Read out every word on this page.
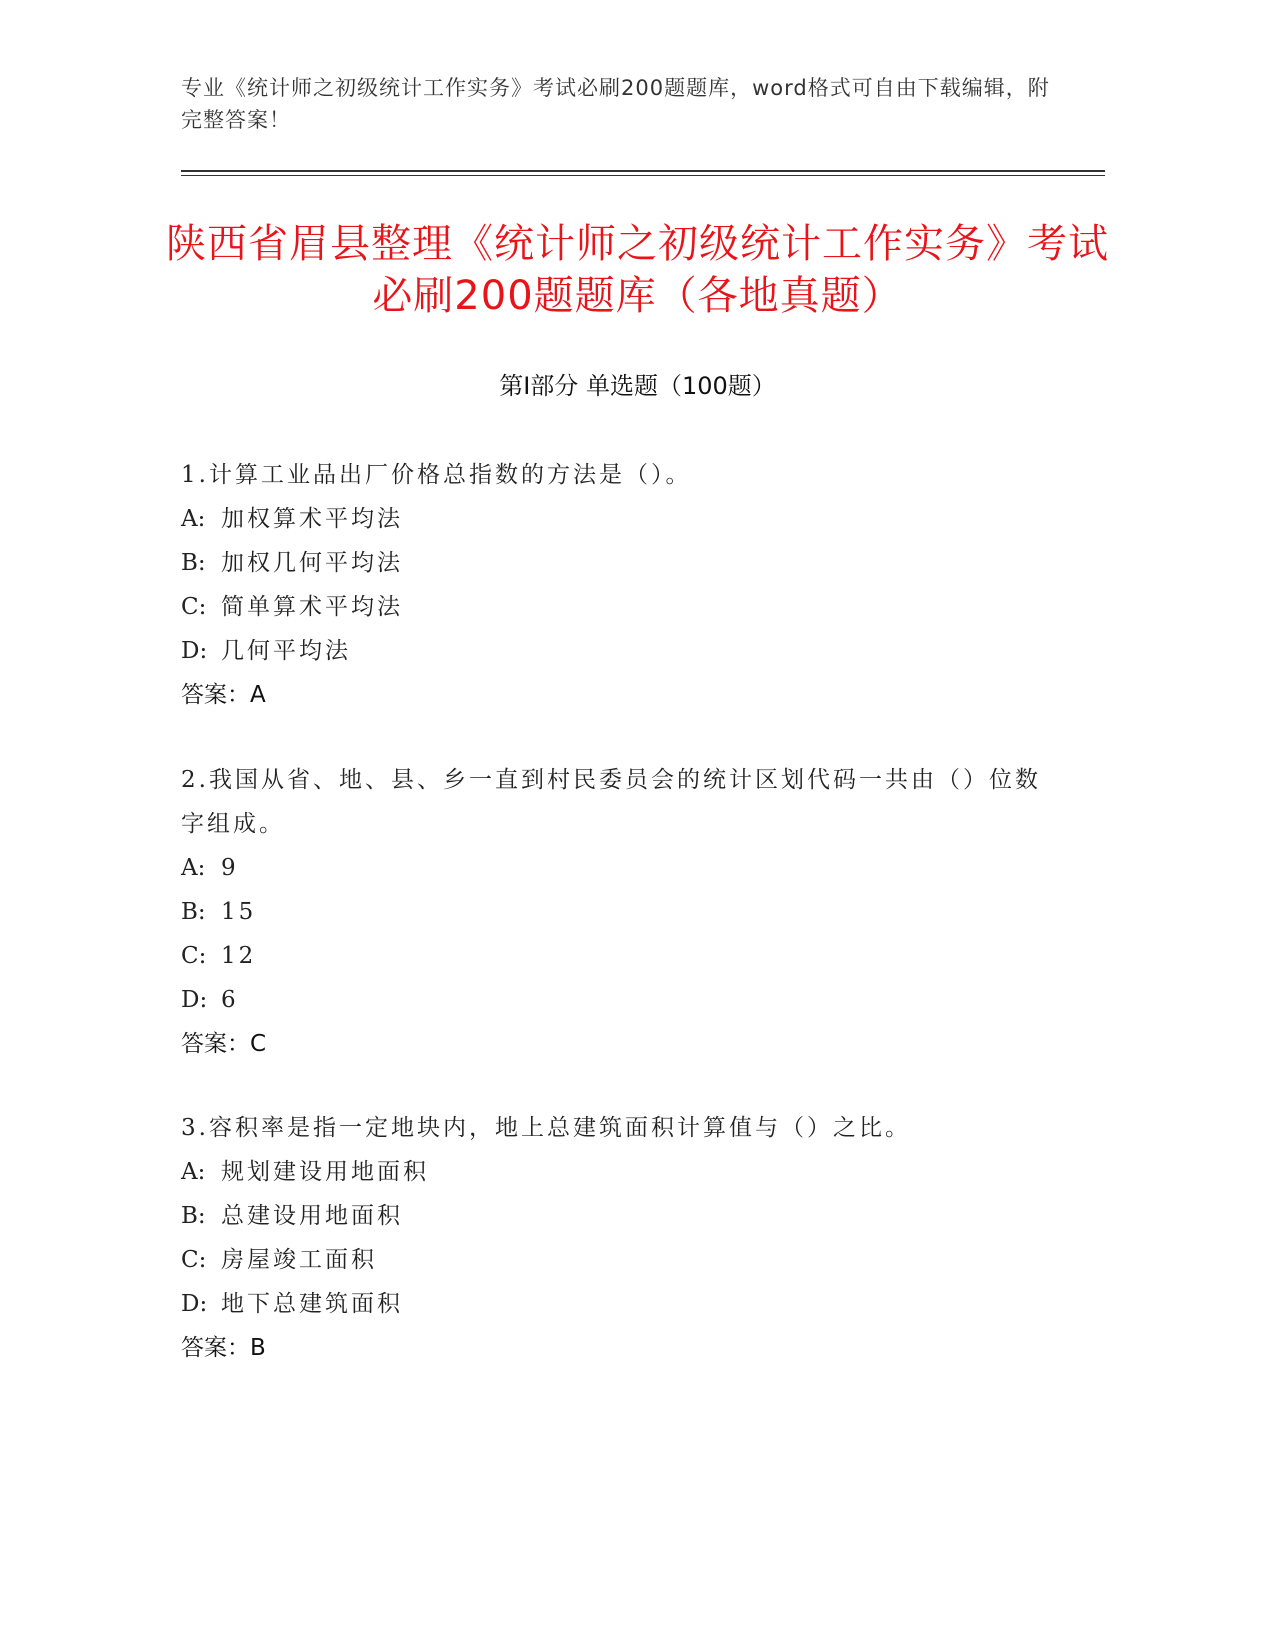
专业《统计师之初级统计工作实务》考试必刷200题题库，word格式可自由下载编辑，附完整答案！
陕西省眉县整理《统计师之初级统计工作实务》考试必刷200题题库（各地真题）
第Ⅰ部分 单选题（100题）
1.计算工业品出厂价格总指数的方法是（）。
A: 加权算术平均法
B: 加权几何平均法
C: 简单算术平均法
D: 几何平均法
答案：A
2.我国从省、地、县、乡一直到村民委员会的统计区划代码一共由（）位数字组成。
A: 9
B: 15
C: 12
D: 6
答案：C
3.容积率是指一定地块内，地上总建筑面积计算值与（）之比。
A: 规划建设用地面积
B: 总建设用地面积
C: 房屋竣工面积
D: 地下总建筑面积
答案：B
